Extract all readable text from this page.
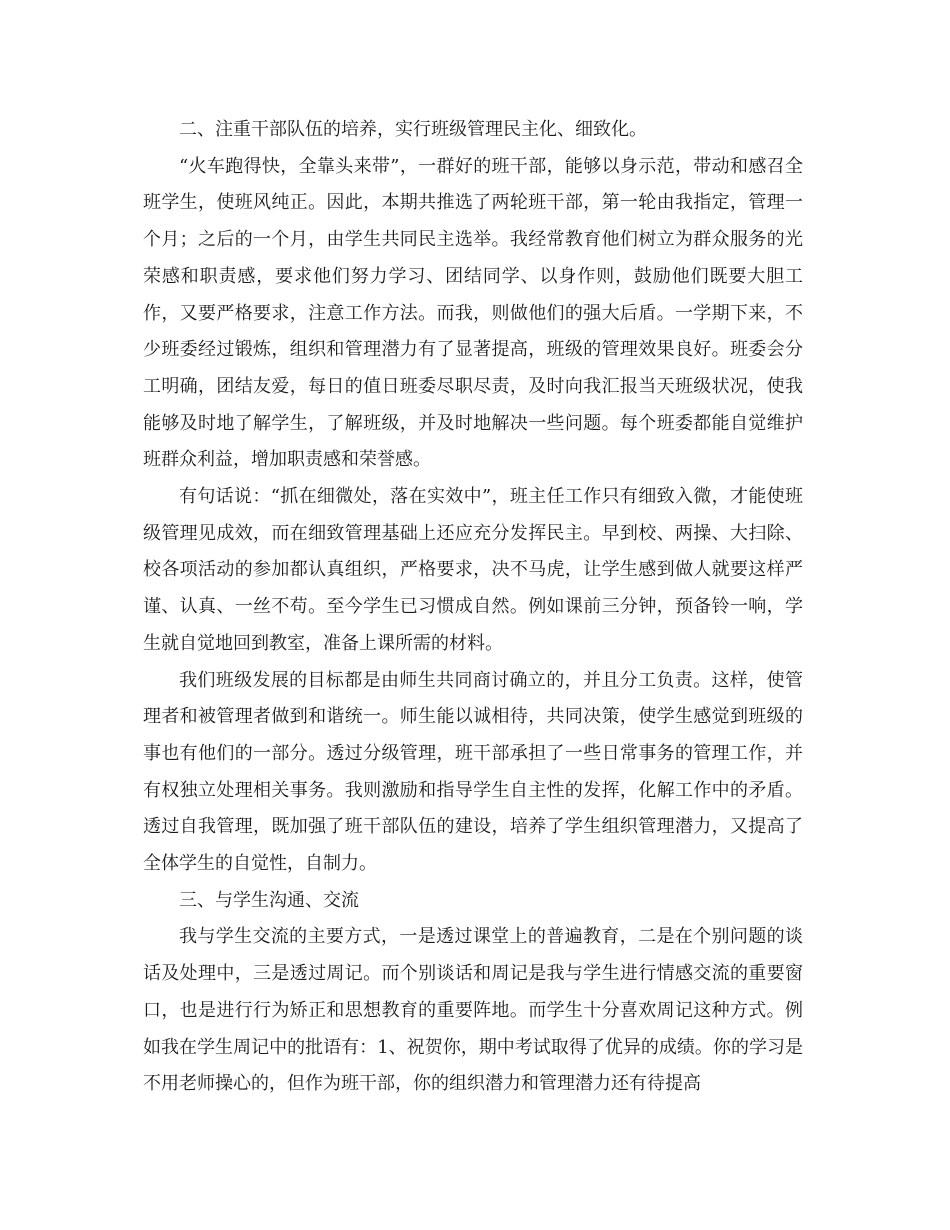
二、注重干部队伍的培养，实行班级管理民主化、细致化。

“火车跑得快，全靠头来带”，一群好的班干部，能够以身示范，带动和感召全班学生，使班风纯正。因此，本期共推选了两轮班干部，第一轮由我指定，管理一个月；之后的一个月，由学生共同民主选举。我经常教育他们树立为群众服务的光荣感和职责感，要求他们努力学习、团结同学、以身作则，鼓励他们既要大胆工作，又要严格要求，注意工作方法。而我，则做他们的强大后盾。一学期下来，不少班委经过锻炼，组织和管理潜力有了显著提高，班级的管理效果良好。班委会分工明确，团结友爱，每日的值日班委尽职尽责，及时向我汇报当天班级状况，使我能够及时地了解学生，了解班级，并及时地解决一些问题。每个班委都能自觉维护班群众利益，增加职责感和荣誉感。

有句话说：“抓在细微处，落在实效中”，班主任工作只有细致入微，才能使班级管理见成效，而在细致管理基础上还应充分发挥民主。早到校、两操、大扫除、校各项活动的参加都认真组织，严格要求，决不马虎，让学生感到做人就要这样严谨、认真、一丝不苟。至今学生已习惯成自然。例如课前三分钟，预备铃一响，学生就自觉地回到教室，准备上课所需的材料。

我们班级发展的目标都是由师生共同商讨确立的，并且分工负责。这样，使管理者和被管理者做到和谐统一。师生能以诚相待，共同决策，使学生感觉到班级的事也有他们的一部分。透过分级管理，班干部承担了一些日常事务的管理工作，并有权独立处理相关事务。我则激励和指导学生自主性的发挥，化解工作中的矛盾。透过自我管理，既加强了班干部队伍的建设，培养了学生组织管理潜力，又提高了全体学生的自觉性，自制力。

三、与学生沟通、交流

我与学生交流的主要方式，一是透过课堂上的普遍教育，二是在个别问题的谈话及处理中，三是透过周记。而个别谈话和周记是我与学生进行情感交流的重要窗口，也是进行行为矫正和思想教育的重要阵地。而学生十分喜欢周记这种方式。例如我在学生周记中的批语有：1、祝贺你，期中考试取得了优异的成绩。你的学习是不用老师操心的，但作为班干部，你的组织潜力和管理潜力还有待提高
